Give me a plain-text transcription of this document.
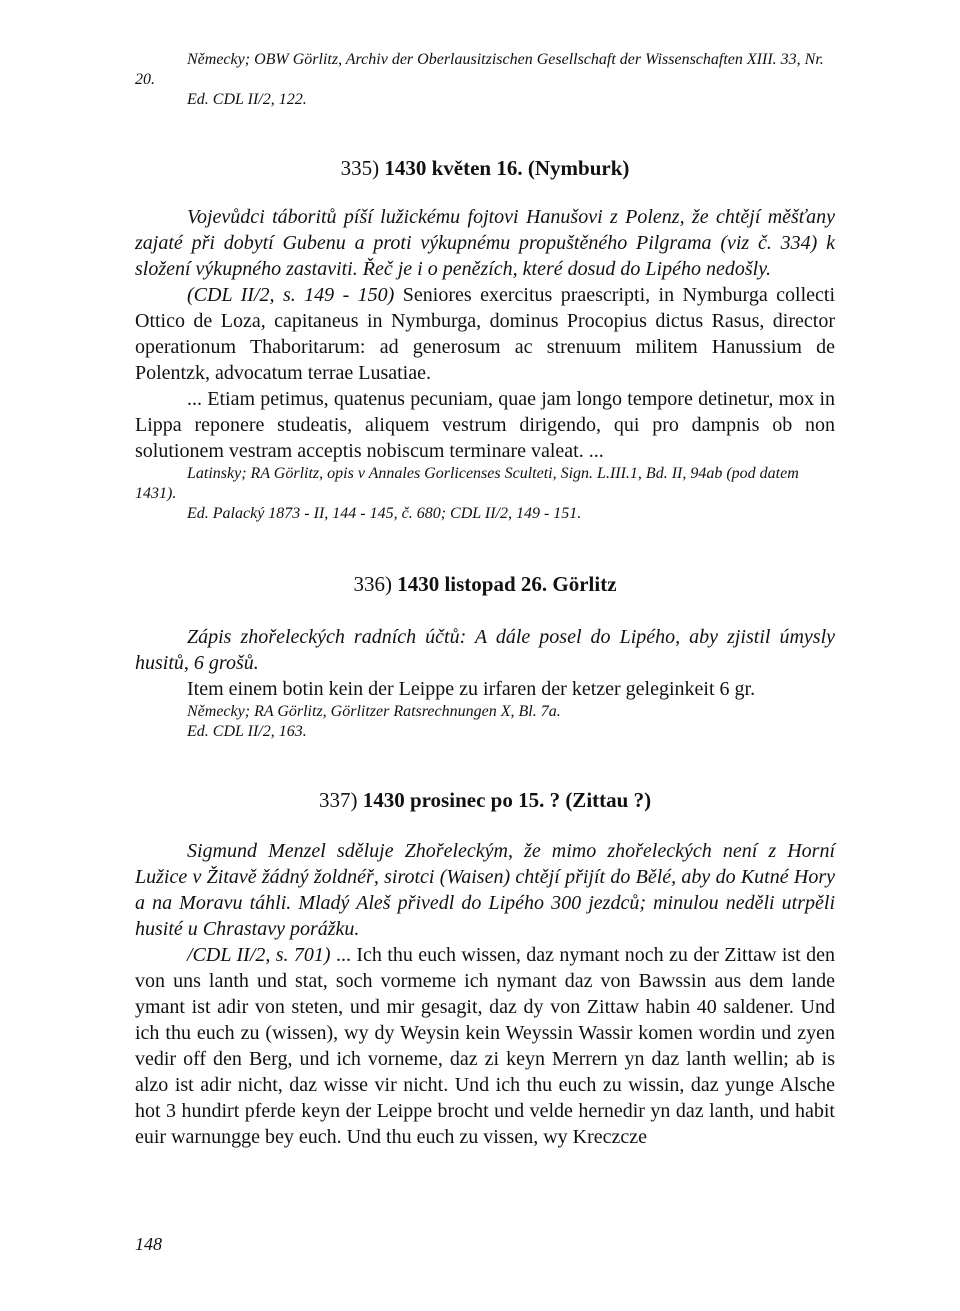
Německy; OBW Görlitz, Archiv der Oberlausitzischen Gesellschaft der Wissenschaften XIII. 33, Nr. 20.

Ed. CDL II/2, 122.

335) 1430 květen 16. (Nymburk)

Vojevůdci táboritů píší lužickému fojtovi Hanušovi z Polenz, že chtějí měšťany zajaté při dobytí Gubenu a proti výkupnému propuštěného Pilgrama (viz č. 334) k složení výkupného zastaviti. Řeč je i o penězích, které dosud do Lipého nedošly.

(CDL II/2, s. 149 - 150) Seniores exercitus praescripti, in Nymburga collecti Ottico de Loza, capitaneus in Nymburga, dominus Procopius dictus Rasus, director operationum Thaboritarum: ad generosum ac strenuum militem Hanussium de Polentzk, advocatum terrae Lusatiae.

... Etiam petimus, quatenus pecuniam, quae jam longo tempore detinetur, mox in Lippa reponere studeatis, aliquem vestrum dirigendo, qui pro dampnis ob non solutionem vestram acceptis nobiscum terminare valeat. ...

Latinsky; RA Görlitz, opis v Annales Gorlicenses Sculteti, Sign. L.III.1, Bd. II, 94ab (pod datem 1431).

Ed. Palacký 1873 - II, 144 - 145, č. 680; CDL II/2, 149 - 151.

336) 1430 listopad 26. Görlitz

Zápis zhořeleckých radních účtů: A dále posel do Lipého, aby zjistil úmysly husitů, 6 grošů.

Item einem botin kein der Leippe zu irfaren der ketzer geleginkeit 6 gr.

Německy; RA Görlitz, Görlitzer Ratsrechnungen X, Bl. 7a.

Ed. CDL II/2, 163.

337) 1430 prosinec po 15. ? (Zittau ?)

Sigmund Menzel sděluje Zhořeleckým, že mimo zhořeleckých není z Horní Lužice v Žitavě žádný žoldnéř, sirotci (Waisen) chtějí přijít do Bělé, aby do Kutné Hory a na Moravu táhli. Mladý Aleš přivedl do Lipého 300 jezdců; minulou neděli utrpěli husité u Chrastavy porážku.

/CDL II/2, s. 701) ... Ich thu euch wissen, daz nymant noch zu der Zittaw ist den von uns lanth und stat, soch vormeme ich nymant daz von Bawssin aus dem lande ymant ist adir von steten, und mir gesagit, daz dy von Zittaw habin 40 saldener. Und ich thu euch zu (wissen), wy dy Weysin kein Weyssin Wassir komen wordin und zyen vedir off den Berg, und ich vorneme, daz zi keyn Merrern yn daz lanth wellin; ab is alzo ist adir nicht, daz wisse vir nicht. Und ich thu euch zu wissin, daz yunge Alsche hot 3 hundirt pferde keyn der Leippe brocht und velde hernedir yn daz lanth, und habit euir warnungge bey euch. Und thu euch zu vissen, wy Kreczcze

148
